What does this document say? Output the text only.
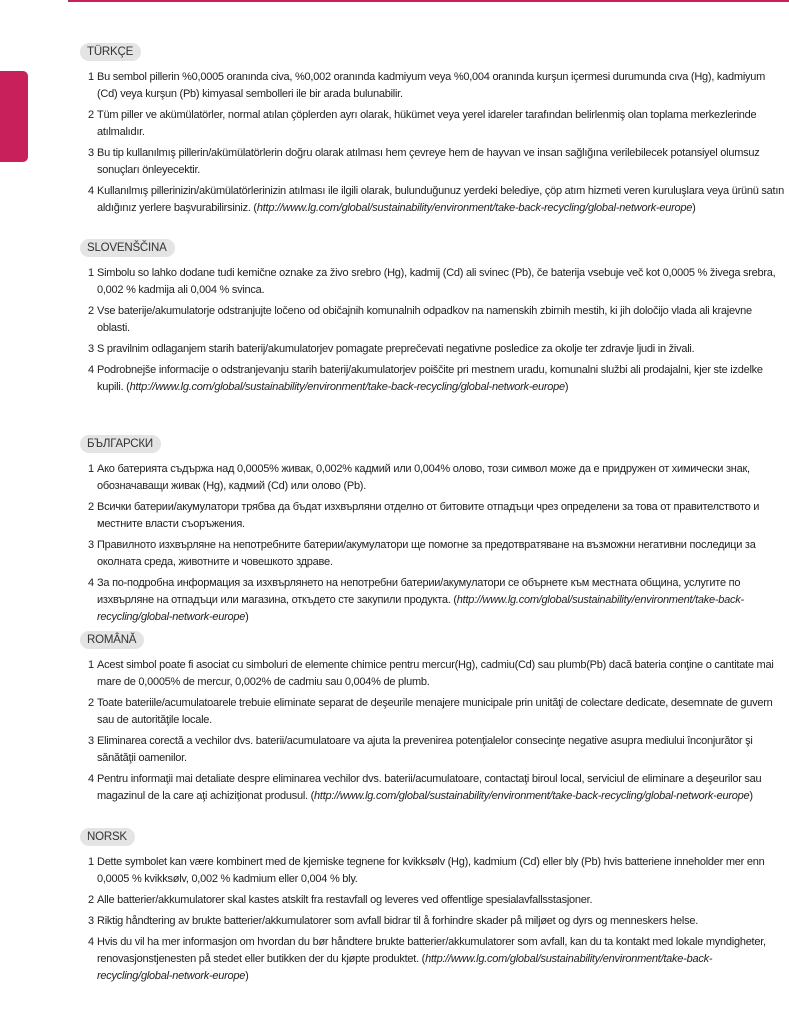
TÜRKÇE
1 Bu sembol pillerin %0,0005 oranında civa, %0,002 oranında kadmiyum veya %0,004 oranında kurşun içermesi durumunda cıva (Hg), kadmiyum (Cd) veya kurşun (Pb) kimyasal sembolleri ile bir arada bulunabilir.
2 Tüm piller ve akümülatörler, normal atılan çöplerden ayrı olarak, hükümet veya yerel idareler tarafından belirlenmiş olan toplama merkezlerinde atılmalıdır.
3 Bu tip kullanılmış pillerin/akümülatörlerin doğru olarak atılması hem çevreye hem de hayvan ve insan sağlığına verilebilecek potansiyel olumsuz sonuçları önleyecektir.
4 Kullanılmış pillerinizin/akümülatörlerinizin atılması ile ilgili olarak, bulunduğunuz yerdeki belediye, çöp atım hizmeti veren kuruluşlara veya ürünü satın aldığınız yerlere başvurabilirsiniz. (http://www.lg.com/global/sustainability/environment/take-back-recycling/global-network-europe)
SLOVENŠČINA
1 Simbolu so lahko dodane tudi kemične oznake za živo srebro (Hg), kadmij (Cd) ali svinec (Pb), če baterija vsebuje več kot 0,0005 % živega srebra, 0,002 % kadmija ali 0,004 % svinca.
2 Vse baterije/akumulatorje odstranjujte ločeno od običajnih komunalnih odpadkov na namenskih zbirnih mestih, ki jih določijo vlada ali krajevne oblasti.
3 S pravilnim odlaganjem starih baterij/akumulatorjev pomagate preprečevati negativne posledice za okolje ter zdravje ljudi in živali.
4 Podrobnejše informacije o odstranjevanju starih baterij/akumulatorjev poiščite pri mestnem uradu, komunalni službi ali prodajalni, kjer ste izdelke kupili. (http://www.lg.com/global/sustainability/environment/take-back-recycling/global-network-europe)
БЪЛГАРСКИ
1 Ако батерията съдържа над 0,0005% живак, 0,002% кадмий или 0,004% олово, този символ може да е придружен от химически знак, обозначаващи живак (Hg), кадмий (Cd) или олово (Pb).
2 Всички батерии/акумулатори трябва да бъдат изхвърляни отделно от битовите отпадъци чрез определени за това от правителството и местните власти съоръжения.
3 Правилното изхвърляне на непотребните батерии/акумулатори ще помогне за предотвратяване на възможни негативни последици за околната среда, животните и човешкото здраве.
4 За по-подробна информация за изхвърлянето на непотребни батерии/акумулатори се обърнете към местната община, услугите по изхвърляне на отпадъци или магазина, откъдето сте закупили продукта. (http://www.lg.com/global/sustainability/environment/take-back-recycling/global-network-europe)
ROMÂNĂ
1 Acest simbol poate fi asociat cu simboluri de elemente chimice pentru mercur(Hg), cadmiu(Cd) sau plumb(Pb) dacă bateria conţine o cantitate mai mare de 0,0005% de mercur, 0,002% de cadmiu sau 0,004% de plumb.
2 Toate bateriile/acumulatoarele trebuie eliminate separat de deşeurile menajere municipale prin unităţi de colectare dedicate, desemnate de guvern sau de autorităţile locale.
3 Eliminarea corectă a vechilor dvs. baterii/acumulatoare va ajuta la prevenirea potenţialelor consecinţe negative asupra mediului înconjurător şi sănătăţii oamenilor.
4 Pentru informaţii mai detaliate despre eliminarea vechilor dvs. baterii/acumulatoare, contactaţi biroul local, serviciul de eliminare a deşeurilor sau magazinul de la care aţi achiziţionat produsul. (http://www.lg.com/global/sustainability/environment/take-back-recycling/global-network-europe)
NORSK
1 Dette symbolet kan være kombinert med de kjemiske tegnene for kvikksølv (Hg), kadmium (Cd) eller bly (Pb) hvis batteriene inneholder mer enn 0,0005 % kvikksølv, 0,002 % kadmium eller 0,004 % bly.
2 Alle batterier/akkumulatorer skal kastes atskilt fra restavfall og leveres ved offentlige spesialavfallsstasjoner.
3 Riktig håndtering av brukte batterier/akkumulatorer som avfall bidrar til å forhindre skader på miljøet og dyrs og menneskers helse.
4 Hvis du vil ha mer informasjon om hvordan du bør håndtere brukte batterier/akkumulatorer som avfall, kan du ta kontakt med lokale myndigheter, renovasjonstjenesten på stedet eller butikken der du kjøpte produktet. (http://www.lg.com/global/sustainability/environment/take-back-recycling/global-network-europe)
